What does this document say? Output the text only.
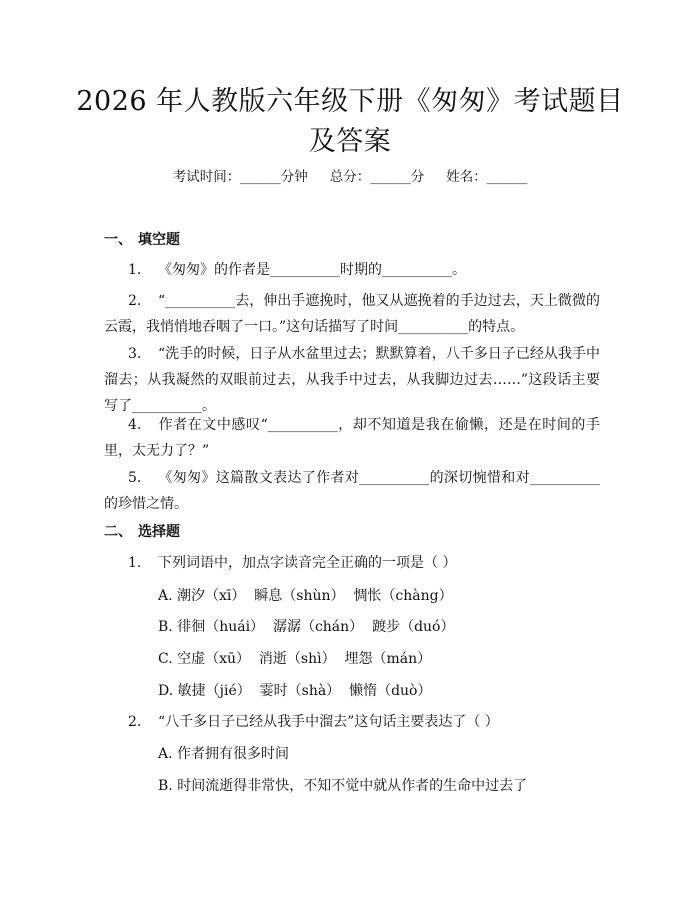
2026 年人教版六年级下册《匆匆》考试题目及答案
考试时间：______分钟 总分：______分 姓名：______
一、 填空题
1. 《匆匆》的作者是__________时期的__________。
2. “__________去，伸出手遮挽时，他又从遮挽着的手边过去，天上微微的云霞，我悄悄地吞咽了一口。”这句话描写了时间__________的特点。
3. “洗手的时候，日子从水盆里过去；默默算着，八千多日子已经从我手中溜去；从我凝然的双眼前过去，从我手中过去，从我脚边过去……”这段话主要写了__________。
4. 作者在文中感叹“__________，却不知道是我在偷懒，还是在时间的手里，太无力了？”
5. 《匆匆》这篇散文表达了作者对__________的深切惋惜和对__________的珍惜之情。
二、 选择题
1. 下列词语中，加点字读音完全正确的一项是（ ）
A. 潮汐（xī）  瞬息（shùn）  惆怅（chàng）
B. 徘徊（huái）  潺潺（chán）  踱步（duó）
C. 空虚（xū）  消逝（shì）  埋怨（mán）
D. 敏捷（jié）  霎时（shà）  懒惰（duò）
2. “八千多日子已经从我手中溜去”这句话主要表达了（ ）
A. 作者拥有很多时间
B. 时间流逝得非常快，不知不觉中就从作者的生命中过去了
